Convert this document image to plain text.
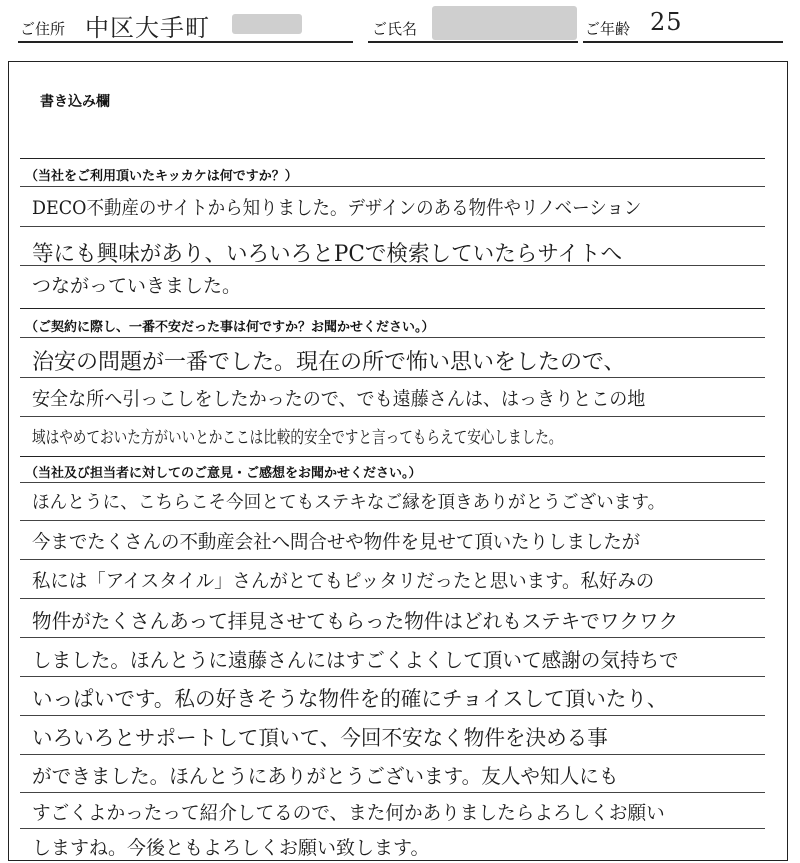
ご住所 中区大手町	ご氏名	ご年齢 25
書き込み欄
（当社をご利用頂いたキッカケは何ですか？）
DECO不動産のサイトから知りました。デザインのある物件やリノベーション
等にも興味があり、いろいろとPCで検索していたらサイトへ
つながっていきました。
（ご契約に際し、一番不安だった事は何ですか？お聞かせください。）
治安の問題が一番でした。現在の所で怖い思いをしたので、
安全な所へ引っこしをしたかったので、でも遠藤さんは、はっきりとこの地
域はやめておいた方がいいとかここは比較的安全ですと言ってもらえて安心しました。
（当社及び担当者に対してのご意見・ご感想をお聞かせください。）
ほんとうに、こちらこそ今回とてもステキなご縁を頂きありがとうございます。
今までたくさんの不動産会社へ問合せや物件を見せて頂いたりしましたが
私には「アイスタイル」さんがとてもピッタリだったと思います。私好みの
物件がたくさんあって拝見させてもらった物件はどれもステキでワクワク
しました。ほんとうに遠藤さんにはすごくよくして頂いて感謝の気持ちで
いっぱいです。私の好きそうな物件を的確にチョイスして頂いたり、
いろいろとサポートして頂いて、今回不安なく物件を決める事
ができました。ほんとうにありがとうございます。友人や知人にも
すごくよかったって紹介してるので、また何かありましたらよろしくお願い
しますね。今後ともよろしくお願い致します。
